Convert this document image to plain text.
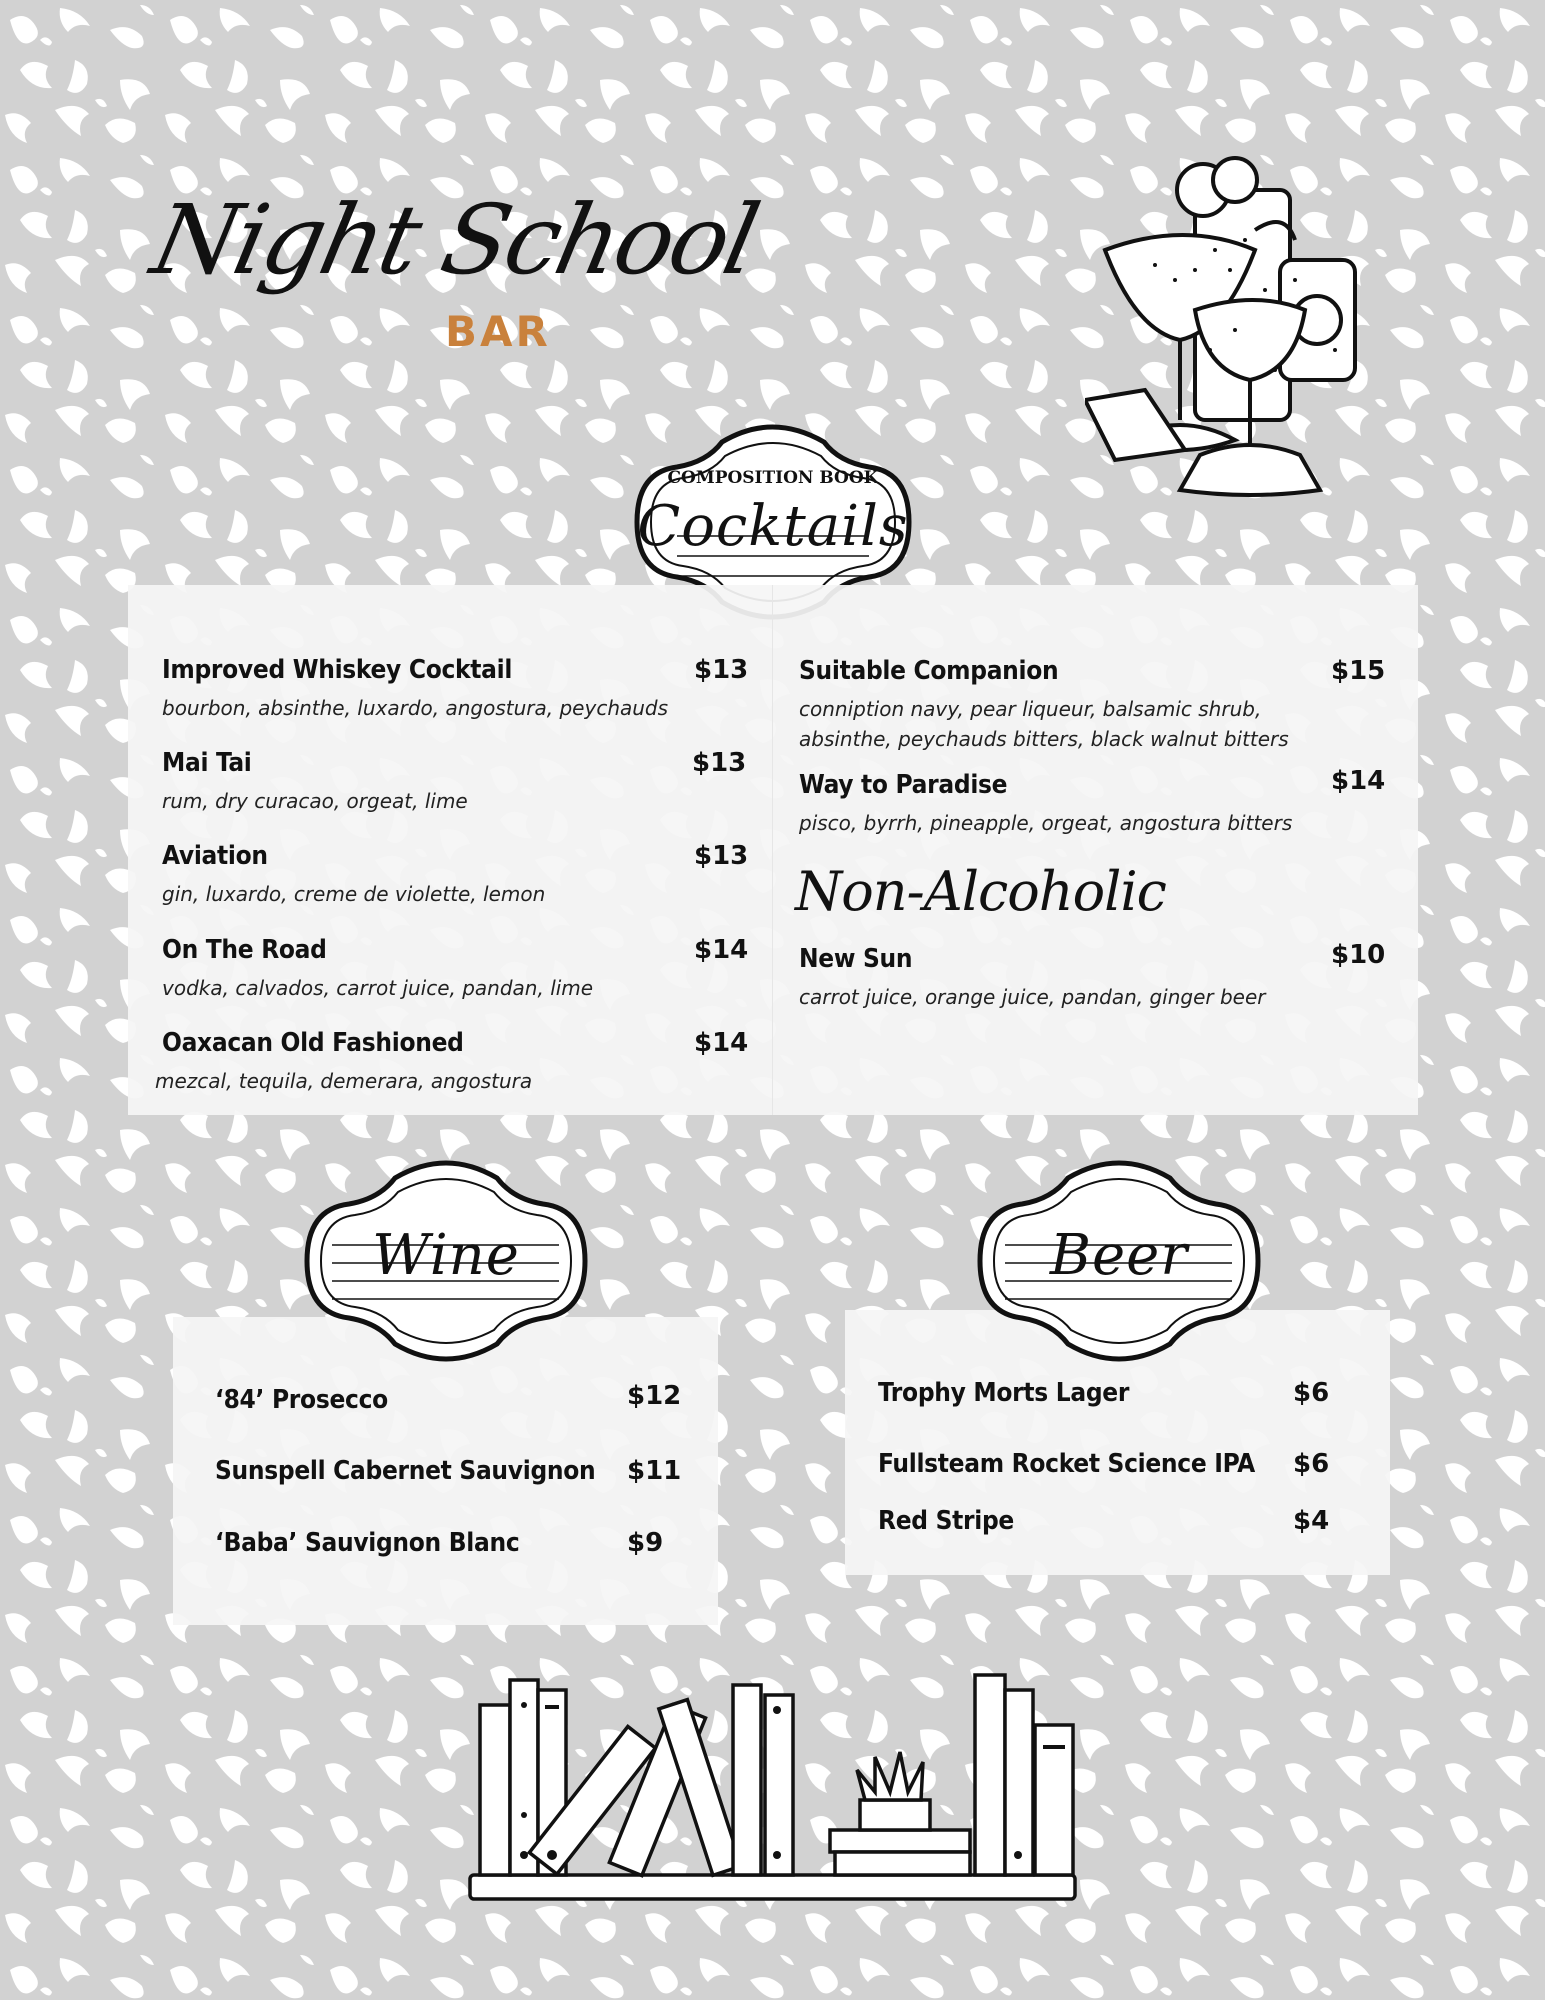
Night School
BAR
COMPOSITION BOOK
Cocktails
Improved Whiskey Cocktail	$13
bourbon, absinthe, luxardo, angostura, peychauds
Mai Tai	$13
rum, dry curacao, orgeat, lime
Aviation	$13
gin, luxardo, creme de violette, lemon
On The Road	$14
vodka, calvados, carrot juice, pandan, lime
Oaxacan Old Fashioned	$14
mezcal, tequila, demerara, angostura
Suitable Companion	$15
conniption navy, pear liqueur, balsamic shrub,
absinthe, peychauds bitters, black walnut bitters
Way to Paradise	$14
pisco, byrrh, pineapple, orgeat, angostura bitters
Non-Alcoholic
New Sun	$10
carrot juice, orange juice, pandan, ginger beer
Wine
‘84’ Prosecco	$12
Sunspell Cabernet Sauvignon $11
‘Baba’ Sauvignon Blanc	$9
Beer
Trophy Morts Lager	$6
Fullsteam Rocket Science IPA $6
Red Stripe	$4
